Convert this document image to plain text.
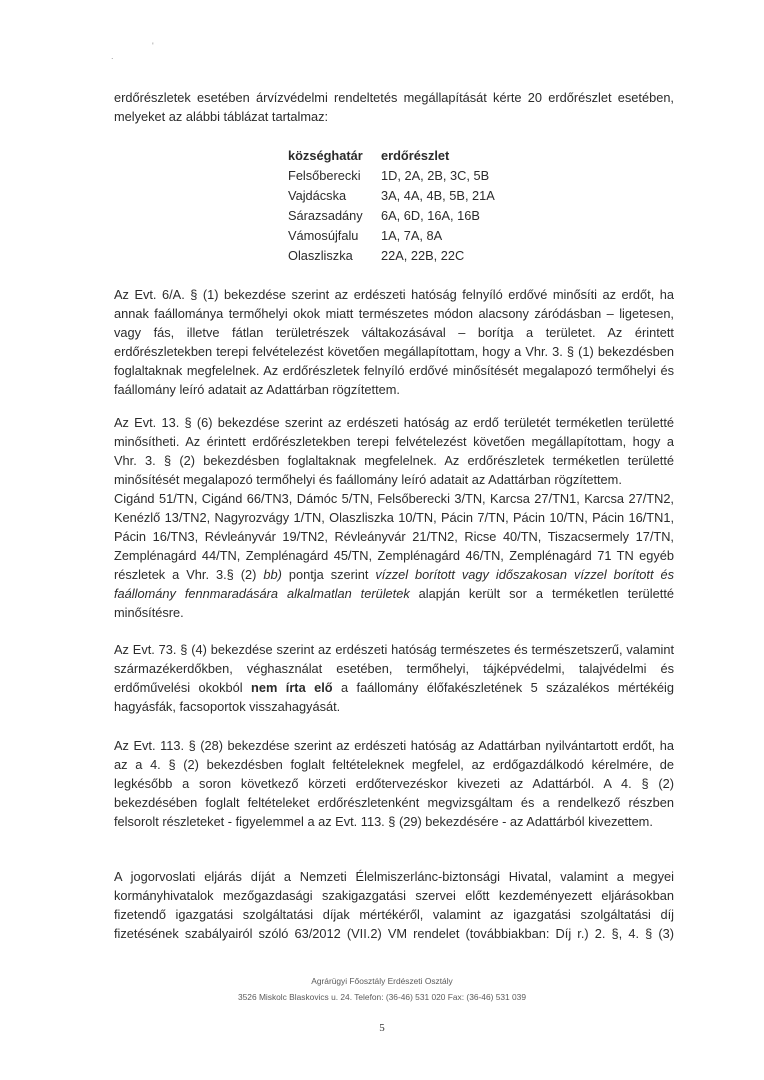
.
'
erdőrészletek esetében árvízvédelmi rendeltetés megállapítását kérte 20 erdőrészlet esetében,
melyeket az alábbi táblázat tartalmaz:
községhatár	erdőrészlet
Felsőberecki	1D, 2A, 2B, 3C, 5B
Vajdácska	3A, 4A, 4B, 5B, 21A
Sárazsadány	6A, 6D, 16A, 16B
Vámosújfalu	1A, 7A, 8A
Olaszliszka	22A, 22B, 22C
Az Evt. 6/A. § (1) bekezdése szerint az erdészeti hatóság felnyíló erdővé minősíti az erdőt, ha
annak faállománya termőhelyi okok miatt természetes módon alacsony záródásban – ligetesen,
vagy fás, illetve fátlan területrészek váltakozásával – borítja a területet. Az érintett
erdőrészletekben terepi felvételezést követően megállapítottam, hogy a Vhr. 3. § (1) bekezdésben
foglaltaknak megfelelnek. Az erdőrészletek felnyíló erdővé minősítését megalapozó termőhelyi és
faállomány leíró adatait az Adattárban rögzítettem.
Az Evt. 13. § (6) bekezdése szerint az erdészeti hatóság az erdő területét terméketlen területté
minősítheti. Az érintett erdőrészletekben terepi felvételezést követően megállapítottam, hogy a
Vhr. 3. § (2) bekezdésben foglaltaknak megfelelnek. Az erdőrészletek terméketlen területté
minősítését megalapozó termőhelyi és faállomány leíró adatait az Adattárban rögzítettem.
Cigánd 51/TN, Cigánd 66/TN3, Dámóc 5/TN, Felsőberecki 3/TN, Karcsa 27/TN1, Karcsa 27/TN2,
Kenézlő 13/TN2, Nagyrozvágy 1/TN, Olaszliszka 10/TN, Pácin 7/TN, Pácin 10/TN, Pácin 16/TN1,
Pácin 16/TN3, Révleányvár 19/TN2, Révleányvár 21/TN2, Ricse 40/TN, Tiszacsermely 17/TN,
Zemplénagárd 44/TN, Zemplénagárd 45/TN, Zemplénagárd 46/TN, Zemplénagárd 71 TN egyéb
részletek a Vhr. 3.§ (2) bb) pontja szerint vízzel borított vagy időszakosan vízzel borított és
faállomány fennmaradására alkalmatlan területek alapján került sor a terméketlen területté
minősítésre.
Az Evt. 73. § (4) bekezdése szerint az erdészeti hatóság természetes és természetszerű, valamint
származékerdőkben, véghasználat esetében, termőhelyi, tájképvédelmi, talajvédelmi és
erdőművelési okokból nem írta elő a faállomány élőfakészletének 5 százalékos mértékéig
hagyásfák, facsoportok visszahagyását.
Az Evt. 113. § (28) bekezdése szerint az erdészeti hatóság az Adattárban nyilvántartott erdőt, ha
az a 4. § (2) bekezdésben foglalt feltételeknek megfelel, az erdőgazdálkodó kérelmére, de
legkésőbb a soron következő körzeti erdőtervezéskor kivezeti az Adattárból. A 4. § (2)
bekezdésében foglalt feltételeket erdőrészletenként megvizsgáltam és a rendelkező részben
felsorolt részleteket - figyelemmel a az Evt. 113. § (29) bekezdésére - az Adattárból kivezettem.
A jogorvoslati eljárás díját a Nemzeti Élelmiszerlánc-biztonsági Hivatal, valamint a megyei
kormányhivatalok mezőgazdasági szakigazgatási szervei előtt kezdeményezett eljárásokban
fizetendő igazgatási szolgáltatási díjak mértékéről, valamint az igazgatási szolgáltatási díj
fizetésének szabályairól szóló 63/2012 (VII.2) VM rendelet (továbbiakban: Díj r.) 2. §, 4. § (3)
Agrárügyi Főosztály Erdészeti Osztály
3526 Miskolc Blaskovics u. 24. Telefon: (36-46) 531 020 Fax: (36-46) 531 039
5
